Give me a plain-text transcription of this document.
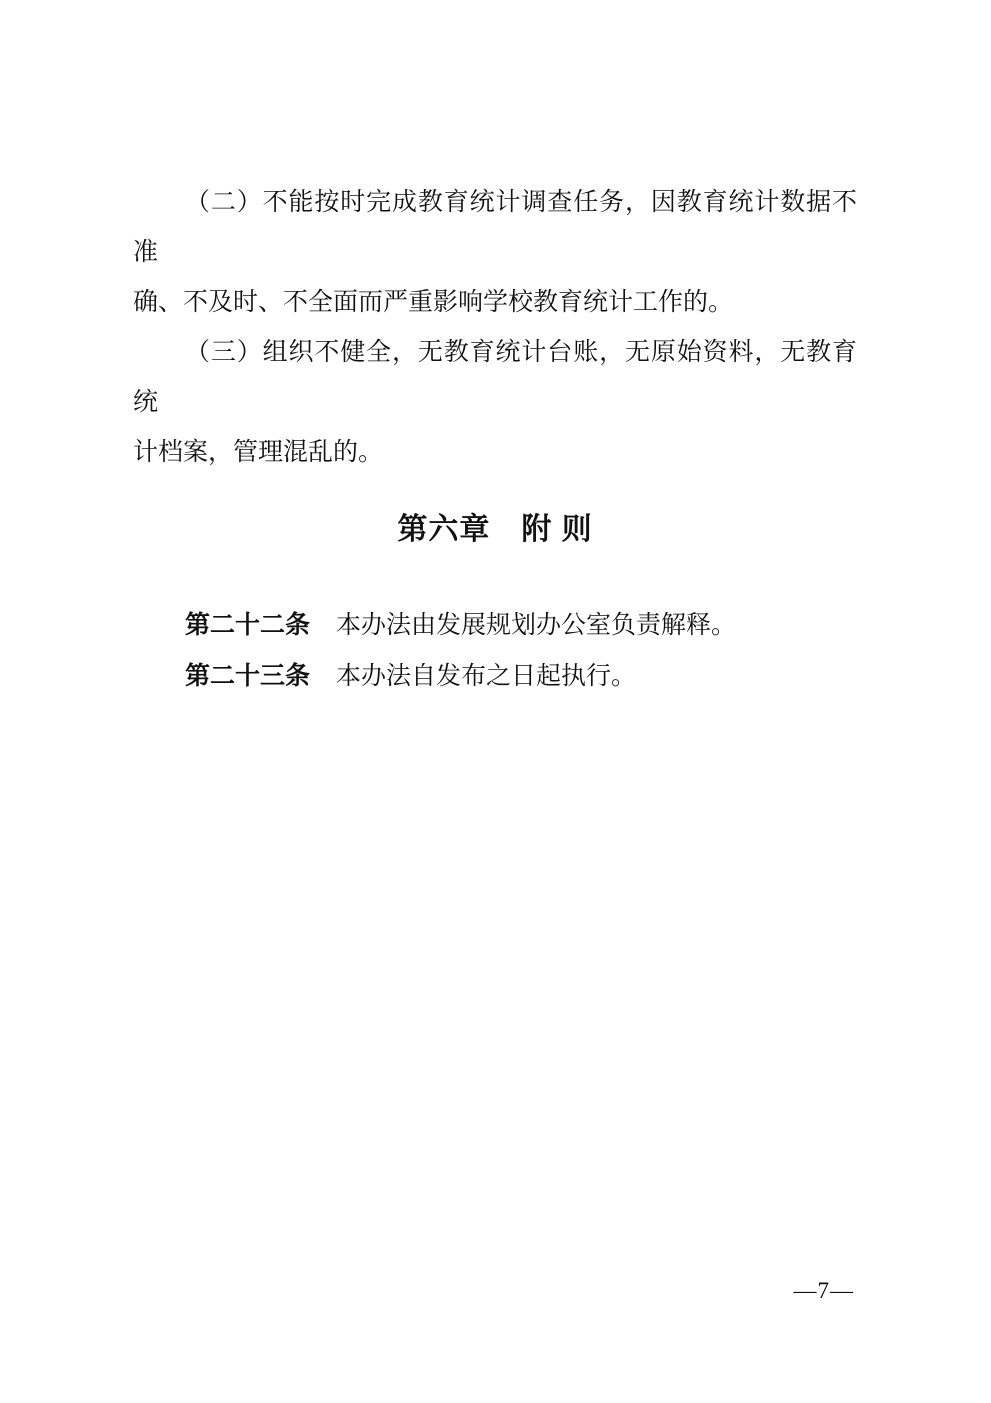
（二）不能按时完成教育统计调查任务，因教育统计数据不准
确、不及时、不全面而严重影响学校教育统计工作的。
（三）组织不健全，无教育统计台账，无原始资料，无教育统
计档案，管理混乱的。
第六章　附 则
第二十二条 本办法由发展规划办公室负责解释。
第二十三条 本办法自发布之日起执行。
—7—
